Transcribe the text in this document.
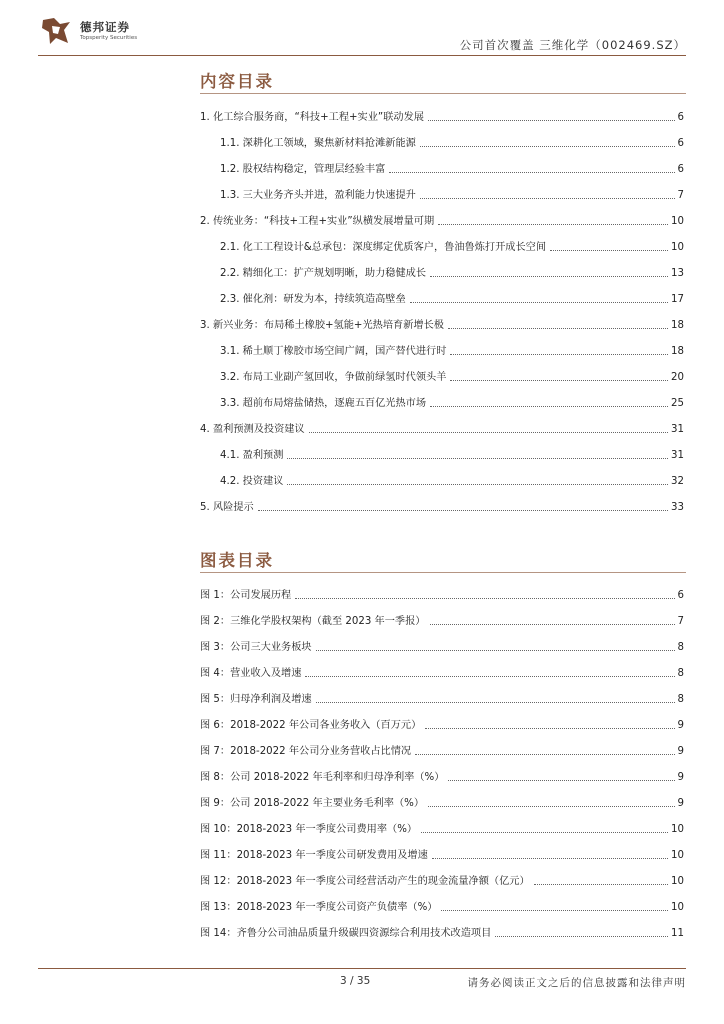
德邦证券
Topsperity Securities	公司首次覆盖 三维化学（002469.SZ）
内容目录
1. 化工综合服务商，“科技+工程+实业”联动发展	6
1.1. 深耕化工领域，聚焦新材料抢滩新能源	6
1.2. 股权结构稳定，管理层经验丰富	6
1.3. 三大业务齐头并进，盈利能力快速提升	7
2. 传统业务：“科技+工程+实业”纵横发展增量可期	10
2.1. 化工工程设计&总承包：深度绑定优质客户，鲁油鲁炼打开成长空间	10
2.2. 精细化工：扩产规划明晰，助力稳健成长	13
2.3. 催化剂：研发为本，持续筑造高壁垒	17
3. 新兴业务：布局稀土橡胶+氢能+光热培育新增长极	18
3.1. 稀土顺丁橡胶市场空间广阔，国产替代进行时	18
3.2. 布局工业副产氢回收，争做前绿氢时代领头羊	20
3.3. 超前布局熔盐储热，逐鹿五百亿光热市场	25
4. 盈利预测及投资建议	31
4.1. 盈利预测	31
4.2. 投资建议	32
5. 风险提示	33
图表目录
图 1：公司发展历程	6
图 2：三维化学股权架构（截至 2023 年一季报）	7
图 3：公司三大业务板块	8
图 4：营业收入及增速	8
图 5：归母净利润及增速	8
图 6：2018-2022 年公司各业务收入（百万元）	9
图 7：2018-2022 年公司分业务营收占比情况	9
图 8：公司 2018-2022 年毛利率和归母净利率（%）	9
图 9：公司 2018-2022 年主要业务毛利率（%）	9
图 10：2018-2023 年一季度公司费用率（%）	10
图 11：2018-2023 年一季度公司研发费用及增速	10
图 12：2018-2023 年一季度公司经营活动产生的现金流量净额（亿元）	10
图 13：2018-2023 年一季度公司资产负债率（%）	10
图 14：齐鲁分公司油品质量升级碳四资源综合利用技术改造项目	11
3 / 35	请务必阅读正文之后的信息披露和法律声明
